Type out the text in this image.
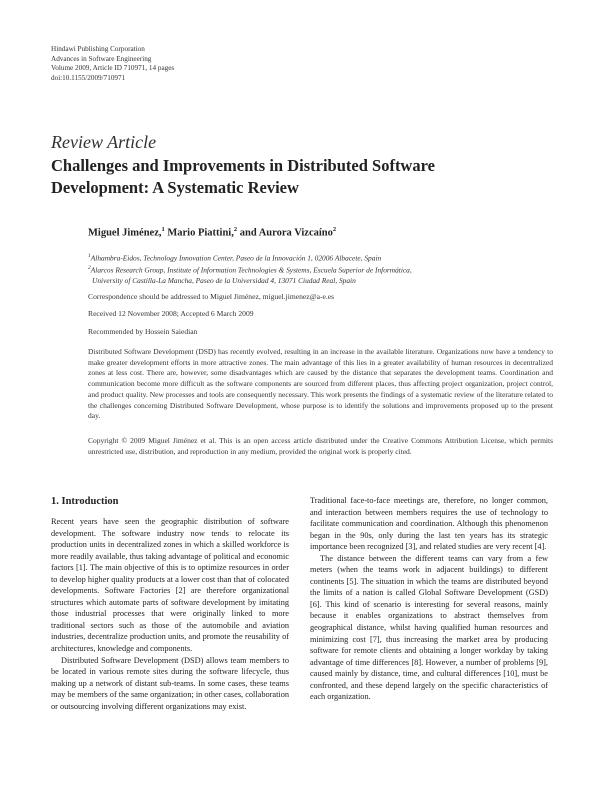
Hindawi Publishing Corporation
Advances in Software Engineering
Volume 2009, Article ID 710971, 14 pages
doi:10.1155/2009/710971
Review Article
Challenges and Improvements in Distributed Software Development: A Systematic Review
Miguel Jiménez,$^1$ Mario Piattini,$^2$ and Aurora Vizcaíno$^2$
$^1$Alhambra-Eidos, Technology Innovation Center, Paseo de la Innovación 1, 02006 Albacete, Spain
$^2$Alarcos Research Group, Institute of Information Technologies & Systems, Escuela Superior de Informática,
University of Castilla-La Mancha, Paseo de la Universidad 4, 13071 Ciudad Real, Spain
Correspondence should be addressed to Miguel Jiménez, miguel.jimenez@a-e.es
Received 12 November 2008; Accepted 6 March 2009
Recommended by Hossein Saiedian
Distributed Software Development (DSD) has recently evolved, resulting in an increase in the available literature. Organizations now have a tendency to make greater development efforts in more attractive zones. The main advantage of this lies in a greater availability of human resources in decentralized zones at less cost. There are, however, some disadvantages which are caused by the distance that separates the development teams. Coordination and communication become more difficult as the software components are sourced from different places, thus affecting project organization, project control, and product quality. New processes and tools are consequently necessary. This work presents the findings of a systematic review of the literature related to the challenges concerning Distributed Software Development, whose purpose is to identify the solutions and improvements proposed up to the present day.
Copyright © 2009 Miguel Jiménez et al. This is an open access article distributed under the Creative Commons Attribution License, which permits unrestricted use, distribution, and reproduction in any medium, provided the original work is properly cited.
1. Introduction

Recent years have seen the geographic distribution of software development. The software industry now tends to relocate its production units in decentralized zones in which a skilled workforce is more readily available, thus taking advantage of political and economic factors [1]. The main objective of this is to optimize resources in order to develop higher quality products at a lower cost than that of colocated developments. Software Factories [2] are therefore organizational structures which automate parts of software development by imitating those industrial processes that were originally linked to more traditional sectors such as those of the automobile and aviation industries, decentralize production units, and promote the reusability of architectures, knowledge and components.

Distributed Software Development (DSD) allows team members to be located in various remote sites during the software lifecycle, thus making up a network of distant sub-teams. In some cases, these teams may be members of the same organization; in other cases, collaboration or outsourcing involving different organizations may exist.

Traditional face-to-face meetings are, therefore, no longer common, and interaction between members requires the use of technology to facilitate communication and coordination. Although this phenomenon began in the 90s, only during the last ten years has its strategic importance been recognized [3], and related studies are very recent [4].

The distance between the different teams can vary from a few meters (when the teams work in adjacent buildings) to different continents [5]. The situation in which the teams are distributed beyond the limits of a nation is called Global Software Development (GSD) [6]. This kind of scenario is interesting for several reasons, mainly because it enables organizations to abstract themselves from geographical distance, whilst having qualified human resources and minimizing cost [7], thus increasing the market area by producing software for remote clients and obtaining a longer workday by taking advantage of time differences [8]. However, a number of problems [9], caused mainly by distance, time, and cultural differences [10], must be confronted, and these depend largely on the specific characteristics of each organization.
